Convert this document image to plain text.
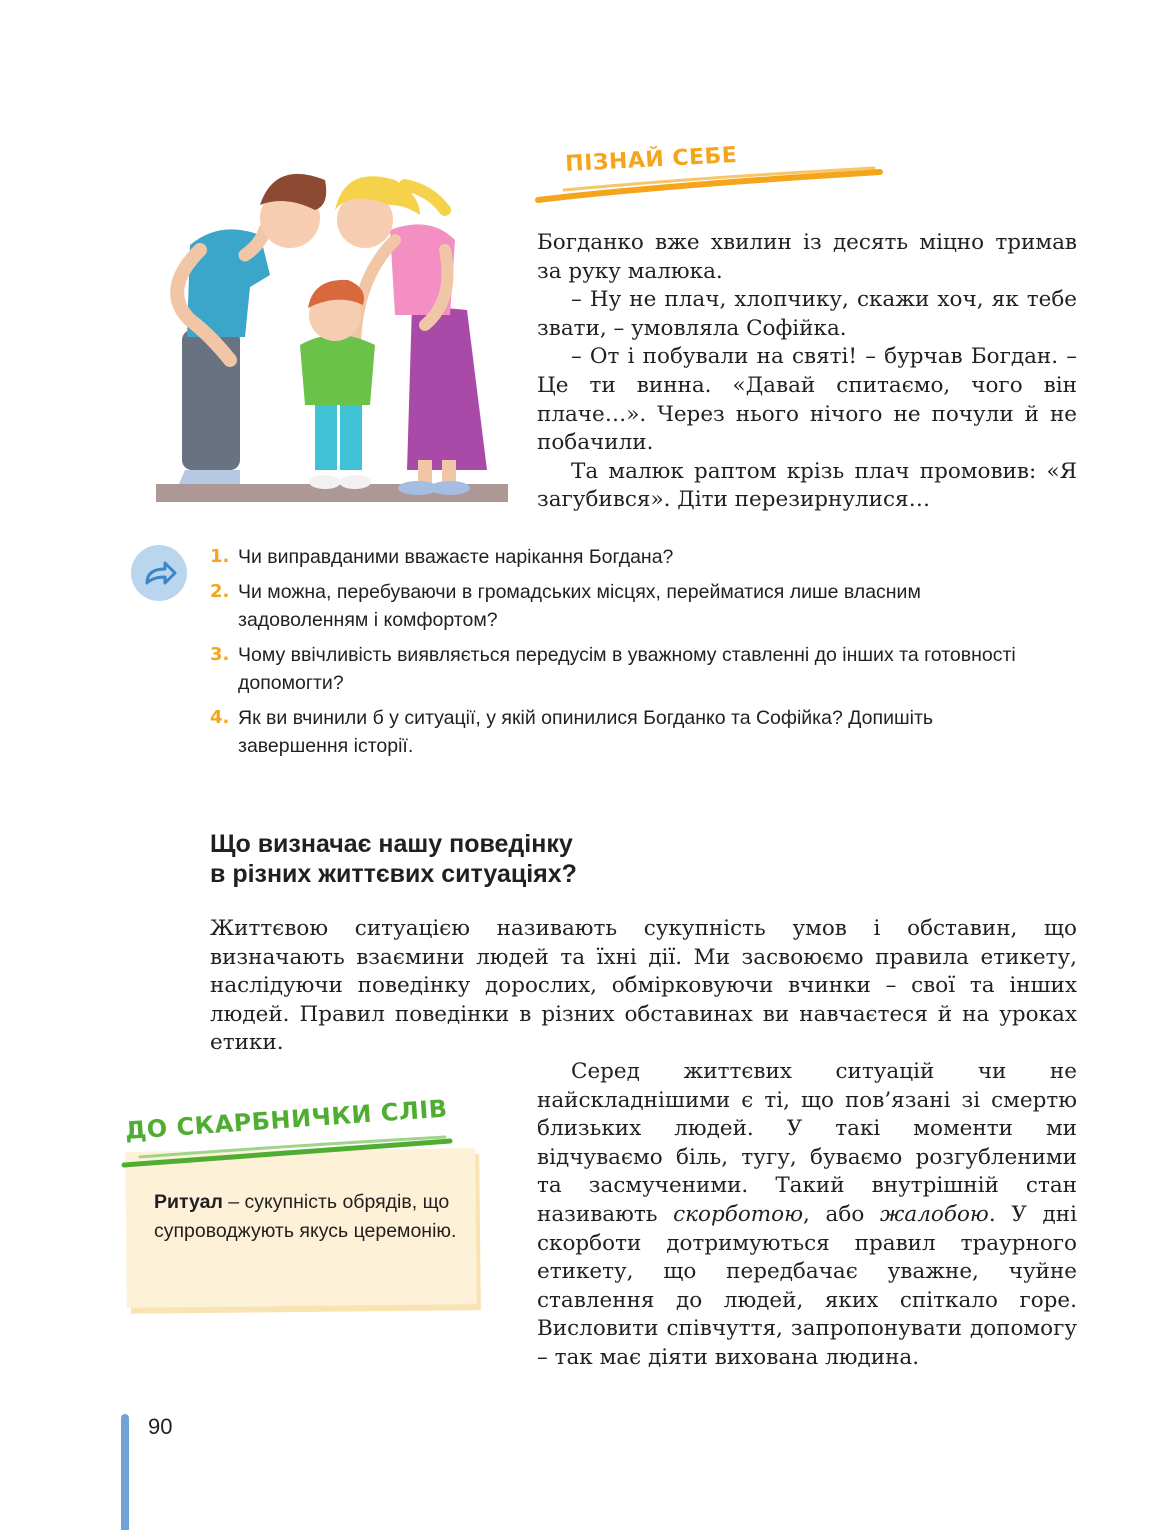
ПІЗНАЙ СЕБЕ

Богданко вже хвилин із десять міцно тримав за руку малюка.

– Ну не плач, хлопчику, скажи хоч, як тебе звати, – умовляла Софійка.

– От і побували на святі! – бурчав Богдан. – Це ти винна. «Давай спитаємо, чого він плаче…». Через нього нічого не почули й не побачили.

Та малюк раптом крізь плач промовив: «Я загубився». Діти перезирнулися…

1. Чи виправданими вважаєте нарікання Богдана?
2. Чи можна, перебуваючи в громадських місцях, перейматися лише власним задоволенням і комфортом?
3. Чому ввічливість виявляється передусім в уважному ставленні до інших та готовності допомогти?
4. Як ви вчинили б у ситуації, у якій опинилися Богданко та Софійка? Допишіть завершення історії.
Що визначає нашу поведінку
в різних життєвих ситуаціях?
Життєвою ситуацією називають сукупність умов і обставин, що визначають взаємини людей та їхні дії. Ми засвоюємо правила етикету, наслідуючи поведінку дорослих, обмірковуючи вчинки – свої та інших людей. Правил поведінки в різних обставинах ви навчаєтеся й на уроках етики.
Серед життєвих ситуацій чи не найскладнішими є ті, що пов’язані зі смертю близьких людей. У такі моменти ми відчуваємо біль, тугу, буваємо розгубленими та засмученими. Такий внутрішній стан називають скорботою, або жалобою. У дні скорботи дотримуються правил траурного етикету, що передбачає уважне, чуйне ставлення до людей, яких спіткало горе. Висловити співчуття, запропонувати допомогу – так має діяти вихована людина.
ДО СКАРБНИЧКИ СЛІВ
Ритуал – сукупність обрядів, що супроводжують якусь церемонію.
90
